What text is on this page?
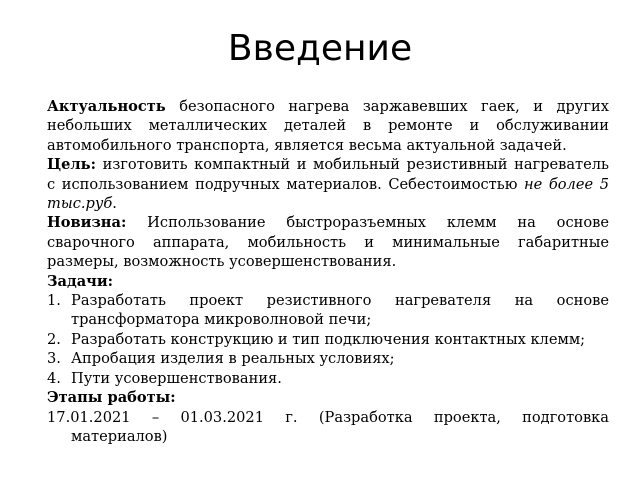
Введение

Актуальность безопасного нагрева заржавевших гаек, и других небольших металлических деталей в ремонте и обслуживании автомобильного транспорта, является весьма актуальной задачей.

Цель: изготовить компактный и мобильный резистивный нагреватель с использованием подручных материалов. Себестоимостью не более 5 тыс.руб.

Новизна: Использование быстроразъемных клемм на основе сварочного аппарата, мобильность и минимальные габаритные размеры, возможность усовершенствования.

Задачи:

1. Разработать проект резистивного нагревателя на основе трансформатора микроволновой печи;
2. Разработать конструкцию и тип подключения контактных клемм;
3. Апробация изделия в реальных условиях;
4. Пути усовершенствования.

Этапы работы:

17.01.2021 – 01.03.2021 г. (Разработка проекта, подготовка материалов)
